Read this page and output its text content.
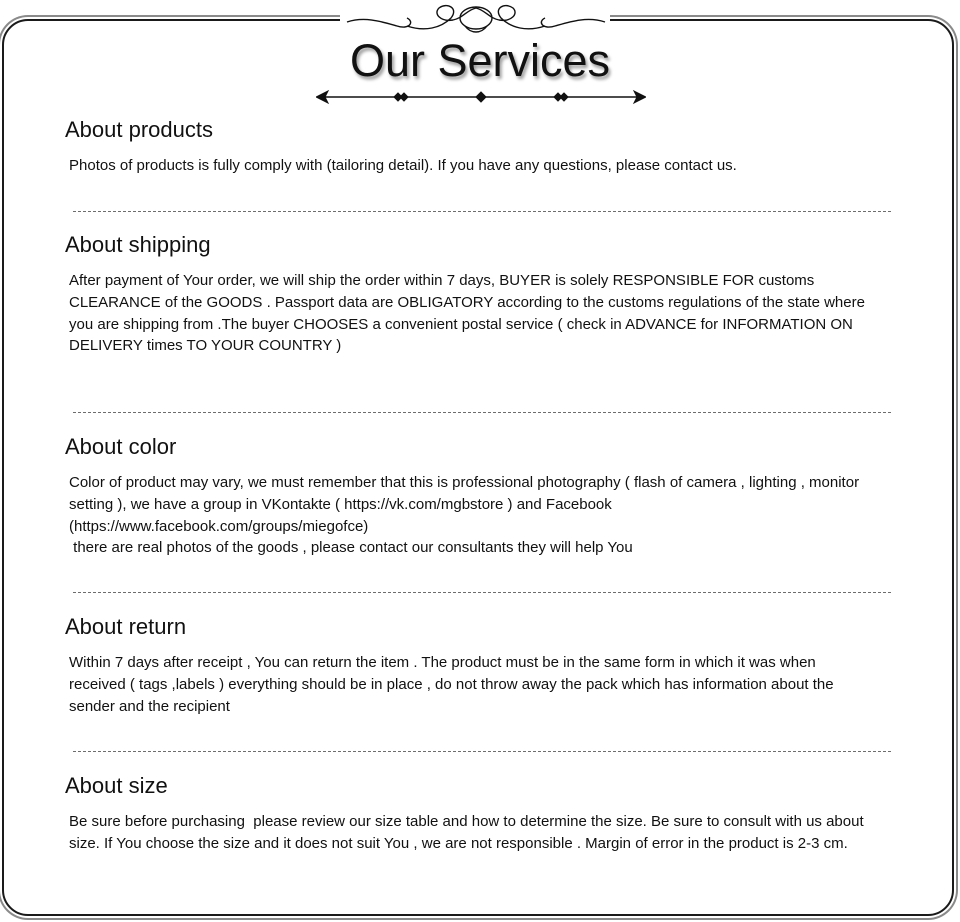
Our Services
About products

Photos of products is fully comply with (tailoring detail). If you have any questions, please contact us.

About shipping

After payment of Your order, we will ship the order within 7 days, BUYER is solely RESPONSIBLE FOR customs
CLEARANCE of the GOODS . Passport data are OBLIGATORY according to the customs regulations of the state where
you are shipping from .The buyer CHOOSES a convenient postal service ( check in ADVANCE for INFORMATION ON
DELIVERY times TO YOUR COUNTRY )

About color

Color of product may vary, we must remember that this is professional photography ( flash of camera , lighting , monitor
setting ), we have a group in VKontakte ( https://vk.com/mgbstore ) and Facebook
(https://www.facebook.com/groups/miegofce)
there are real photos of the goods , please contact our consultants they will help You

About return

Within 7 days after receipt , You can return the item . The product must be in the same form in which it was when
received ( tags ,labels ) everything should be in place , do not throw away the pack which has information about the
sender and the recipient

About size

Be sure before purchasing  please review our size table and how to determine the size. Be sure to consult with us about
size. If You choose the size and it does not suit You , we are not responsible . Margin of error in the product is 2-3 cm.
